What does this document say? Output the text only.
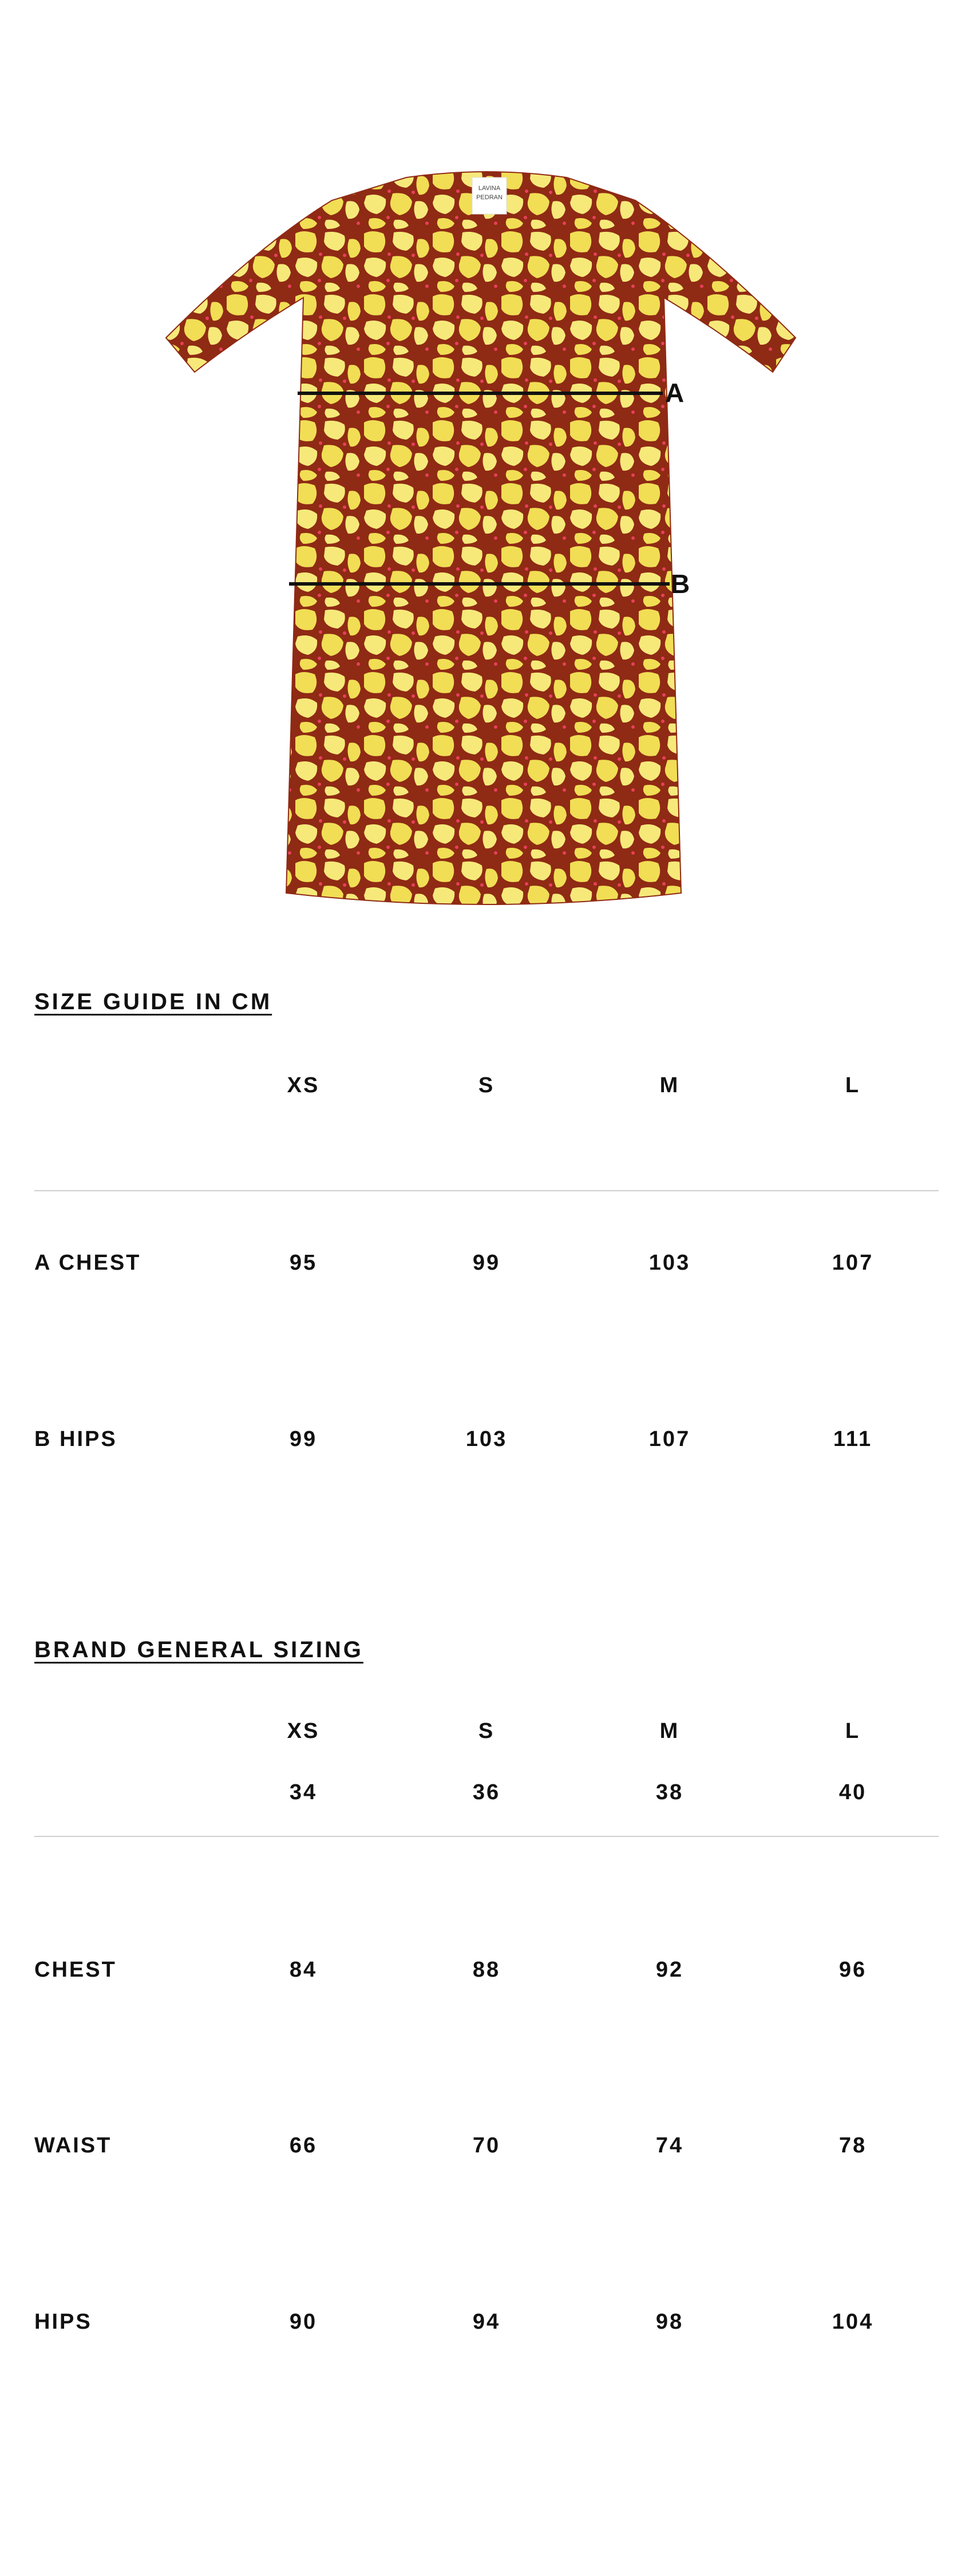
LAVINA
PEDRAN
A
B
SIZE GUIDE IN CM
XS	S	M	L
A CHEST	95	99	103	107
B HIPS	99	103	107	111
BRAND GENERAL SIZING
XS	S	M	L
34	36	38	40
CHEST	84	88	92	96
WAIST	66	70	74	78
HIPS	90	94	98	104
